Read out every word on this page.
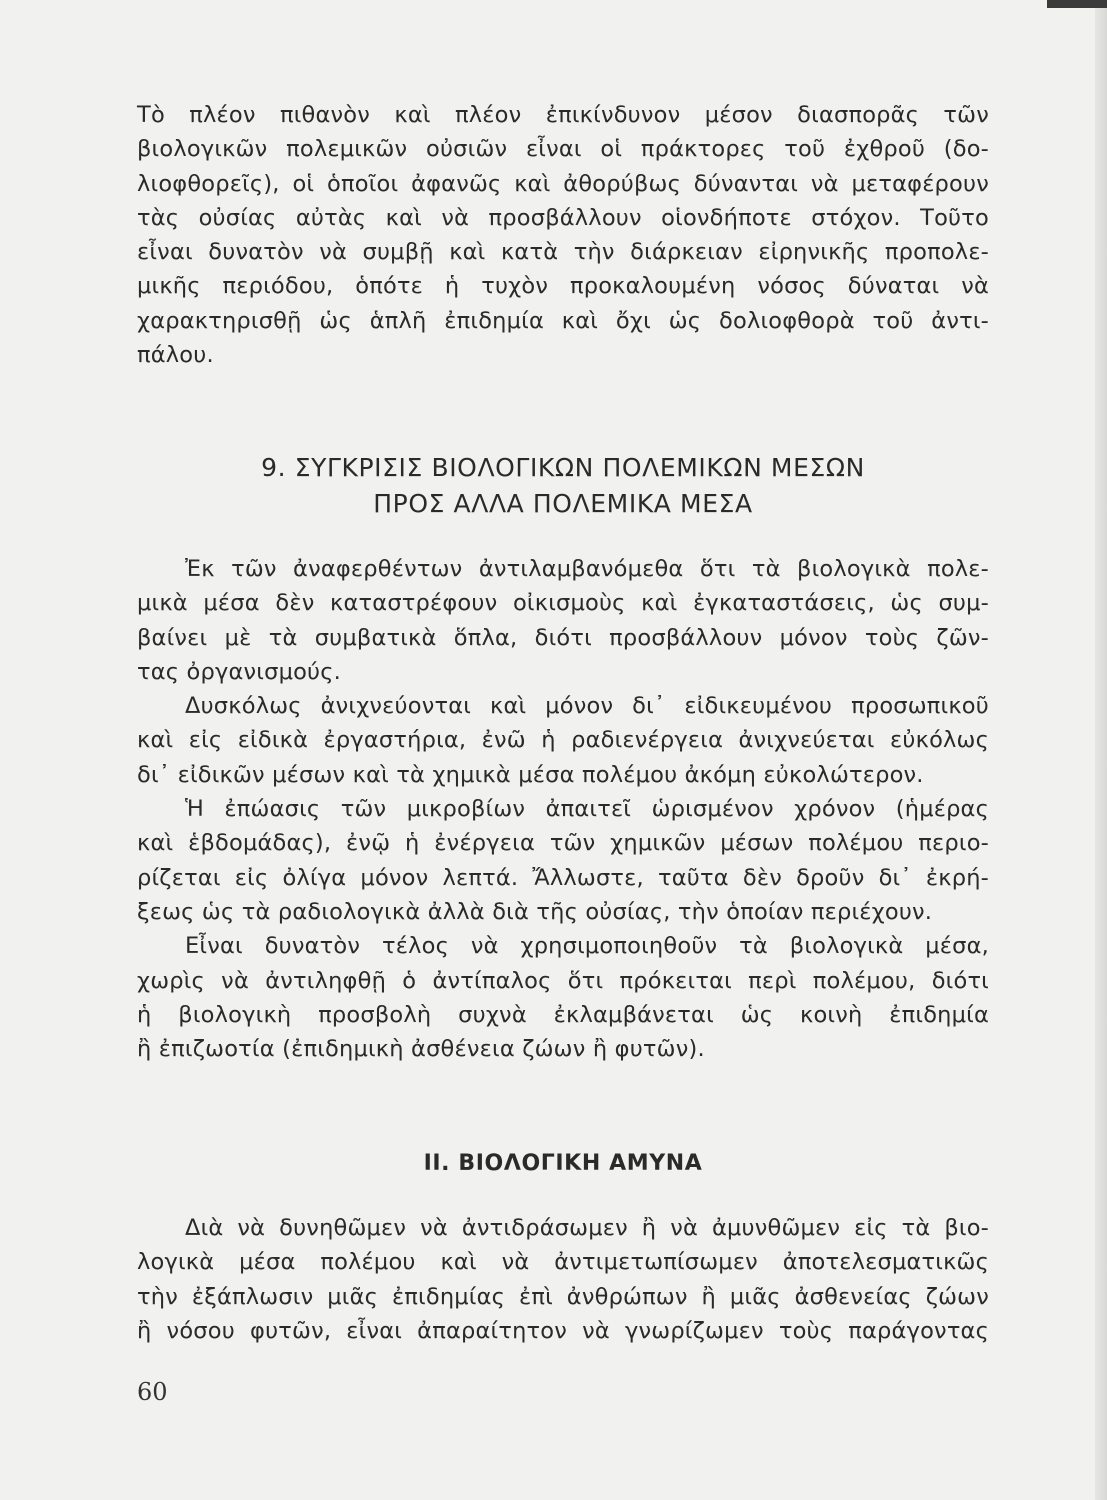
Τὸ πλέον πιθανὸν καὶ πλέον ἐπικίνδυνον μέσον διασπορᾶς τῶν
βιολογικῶν πολεμικῶν οὐσιῶν εἶναι οἱ πράκτορες τοῦ ἐχθροῦ (δο-
λιοφθορεῖς), οἱ ὁποῖοι ἀφανῶς καὶ ἀθορύβως δύνανται νὰ μεταφέρουν
τὰς οὐσίας αὐτὰς καὶ νὰ προσβάλλουν οἱονδήποτε στόχον. Τοῦτο
εἶναι δυνατὸν νὰ συμβῇ καὶ κατὰ τὴν διάρκειαν εἰρηνικῆς προπολε-
μικῆς περιόδου, ὁπότε ἡ τυχὸν προκαλουμένη νόσος δύναται νὰ
χαρακτηρισθῇ ὡς ἁπλῆ ἐπιδημία καὶ ὄχι ὡς δολιοφθορὰ τοῦ ἀντι-
πάλου.
9. ΣΥΓΚΡΙΣΙΣ ΒΙΟΛΟΓΙΚΩΝ ΠΟΛΕΜΙΚΩΝ ΜΕΣΩΝ
ΠΡΟΣ ΑΛΛΑ ΠΟΛΕΜΙΚΑ ΜΕΣΑ
Ἐκ τῶν ἀναφερθέντων ἀντιλαμβανόμεθα ὅτι τὰ βιολογικὰ πολε-
μικὰ μέσα δὲν καταστρέφουν οἰκισμοὺς καὶ ἐγκαταστάσεις, ὡς συμ-
βαίνει μὲ τὰ συμβατικὰ ὅπλα, διότι προσβάλλουν μόνον τοὺς ζῶν-
τας ὀργανισμούς.
Δυσκόλως ἀνιχνεύονται καὶ μόνον δι᾽ εἰδικευμένου προσωπικοῦ
καὶ εἰς εἰδικὰ ἐργαστήρια, ἐνῶ ἡ ραδιενέργεια ἀνιχνεύεται εὐκόλως
δι᾽ εἰδικῶν μέσων καὶ τὰ χημικὰ μέσα πολέμου ἀκόμη εὐκολώτερον.
Ἡ ἐπώασις τῶν μικροβίων ἀπαιτεῖ ὡρισμένον χρόνον (ἡμέρας
καὶ ἑβδομάδας), ἐνῷ ἡ ἐνέργεια τῶν χημικῶν μέσων πολέμου περιο-
ρίζεται εἰς ὀλίγα μόνον λεπτά. Ἄλλωστε, ταῦτα δὲν δροῦν δι᾽ ἐκρή-
ξεως ὡς τὰ ραδιολογικὰ ἀλλὰ διὰ τῆς οὐσίας, τὴν ὁποίαν περιέχουν.
Εἶναι δυνατὸν τέλος νὰ χρησιμοποιηθοῦν τὰ βιολογικὰ μέσα,
χωρὶς νὰ ἀντιληφθῇ ὁ ἀντίπαλος ὅτι πρόκειται περὶ πολέμου, διότι
ἡ βιολογικὴ προσβολὴ συχνὰ ἐκλαμβάνεται ὡς κοινὴ ἐπιδημία
ἢ ἐπιζωοτία (ἐπιδημικὴ ἀσθένεια ζώων ἢ φυτῶν).
ΙΙ. ΒΙΟΛΟΓΙΚΗ ΑΜΥΝΑ
Διὰ νὰ δυνηθῶμεν νὰ ἀντιδράσωμεν ἢ νὰ ἀμυνθῶμεν εἰς τὰ βιο-
λογικὰ μέσα πολέμου καὶ νὰ ἀντιμετωπίσωμεν ἀποτελεσματικῶς
τὴν ἐξάπλωσιν μιᾶς ἐπιδημίας ἐπὶ ἀνθρώπων ἢ μιᾶς ἀσθενείας ζώων
ἢ νόσου φυτῶν, εἶναι ἀπαραίτητον νὰ γνωρίζωμεν τοὺς παράγοντας
60
